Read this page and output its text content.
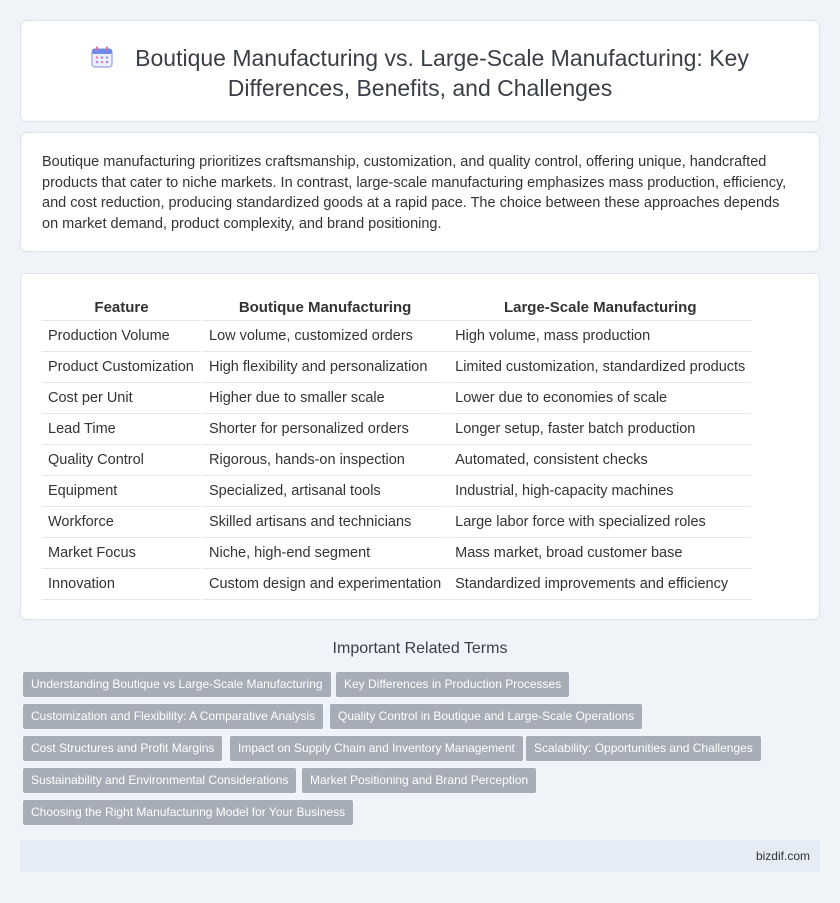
Boutique Manufacturing vs. Large-Scale Manufacturing: Key Differences, Benefits, and Challenges

Boutique manufacturing prioritizes craftsmanship, customization, and quality control, offering unique, handcrafted products that cater to niche markets. In contrast, large-scale manufacturing emphasizes mass production, efficiency, and cost reduction, producing standardized goods at a rapid pace. The choice between these approaches depends on market demand, product complexity, and brand positioning.

Feature	Boutique Manufacturing	Large-Scale Manufacturing
Production Volume	Low volume, customized orders	High volume, mass production
Product Customization	High flexibility and personalization	Limited customization, standardized products
Cost per Unit	Higher due to smaller scale	Lower due to economies of scale
Lead Time	Shorter for personalized orders	Longer setup, faster batch production
Quality Control	Rigorous, hands-on inspection	Automated, consistent checks
Equipment	Specialized, artisanal tools	Industrial, high-capacity machines
Workforce	Skilled artisans and technicians	Large labor force with specialized roles
Market Focus	Niche, high-end segment	Mass market, broad customer base
Innovation	Custom design and experimentation	Standardized improvements and efficiency
Important Related Terms
Understanding Boutique vs Large-Scale Manufacturing	Key Differences in Production Processes
Customization and Flexibility: A Comparative Analysis	Quality Control in Boutique and Large-Scale Operations
Cost Structures and Profit Margins	Impact on Supply Chain and Inventory Management	Scalability: Opportunities and Challenges
Sustainability and Environmental Considerations	Market Positioning and Brand Perception
Choosing the Right Manufacturing Model for Your Business
bizdif.com
